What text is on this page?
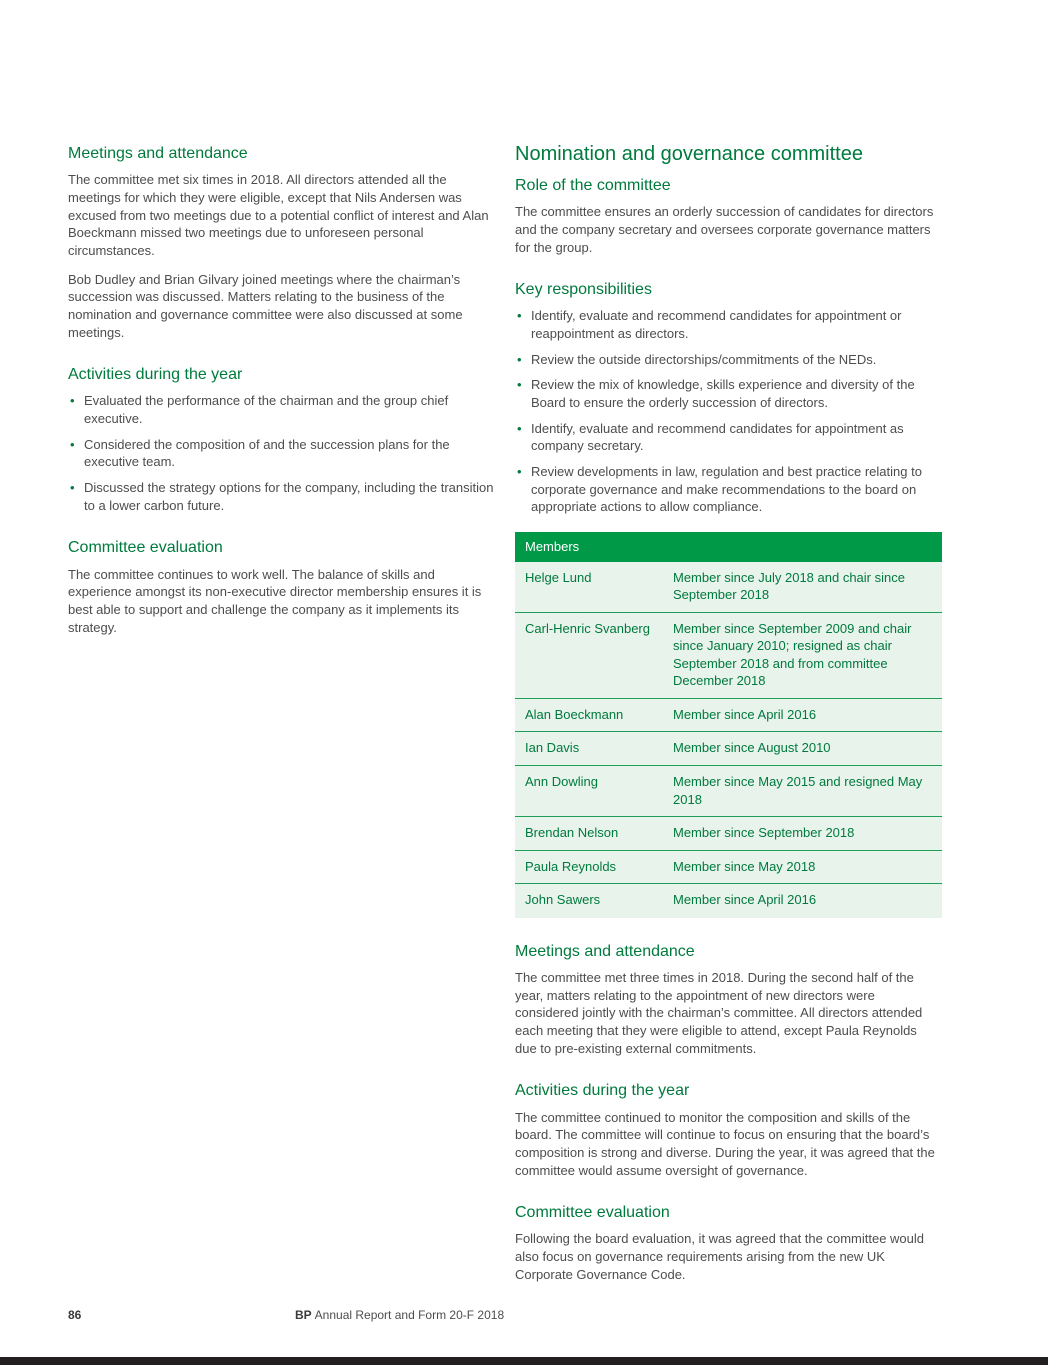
Meetings and attendance

The committee met six times in 2018. All directors attended all the meetings for which they were eligible, except that Nils Andersen was excused from two meetings due to a potential conflict of interest and Alan Boeckmann missed two meetings due to unforeseen personal circumstances.

Bob Dudley and Brian Gilvary joined meetings where the chairman’s succession was discussed. Matters relating to the business of the nomination and governance committee were also discussed at some meetings.

Activities during the year
• Evaluated the performance of the chairman and the group chief executive.
• Considered the composition of and the succession plans for the executive team.
• Discussed the strategy options for the company, including the transition to a lower carbon future.
Committee evaluation

The committee continues to work well. The balance of skills and experience amongst its non-executive director membership ensures it is best able to support and challenge the company as it implements its strategy.

Nomination and governance committee
Role of the committee

The committee ensures an orderly succession of candidates for directors and the company secretary and oversees corporate governance matters for the group.

Key responsibilities
• Identify, evaluate and recommend candidates for appointment or reappointment as directors.
• Review the outside directorships/commitments of the NEDs.
• Review the mix of knowledge, skills experience and diversity of the Board to ensure the orderly succession of directors.
• Identify, evaluate and recommend candidates for appointment as company secretary.
• Review developments in law, regulation and best practice relating to corporate governance and make recommendations to the board on appropriate actions to allow compliance.
Members	
Helge Lund	Member since July 2018 and chair since September 2018
Carl-Henric Svanberg	Member since September 2009 and chair since January 2010; resigned as chair September 2018 and from committee December 2018
Alan Boeckmann	Member since April 2016
Ian Davis	Member since August 2010
Ann Dowling	Member since May 2015 and resigned May 2018
Brendan Nelson	Member since September 2018
Paula Reynolds	Member since May 2018
John Sawers	Member since April 2016
Meetings and attendance

The committee met three times in 2018. During the second half of the year, matters relating to the appointment of new directors were considered jointly with the chairman’s committee. All directors attended each meeting that they were eligible to attend, except Paula Reynolds due to pre-existing external commitments.

Activities during the year

The committee continued to monitor the composition and skills of the board. The committee will continue to focus on ensuring that the board’s composition is strong and diverse. During the year, it was agreed that the committee would assume oversight of governance.

Committee evaluation

Following the board evaluation, it was agreed that the committee would also focus on governance requirements arising from the new UK Corporate Governance Code.

86	BP Annual Report and Form 20-F 2018
